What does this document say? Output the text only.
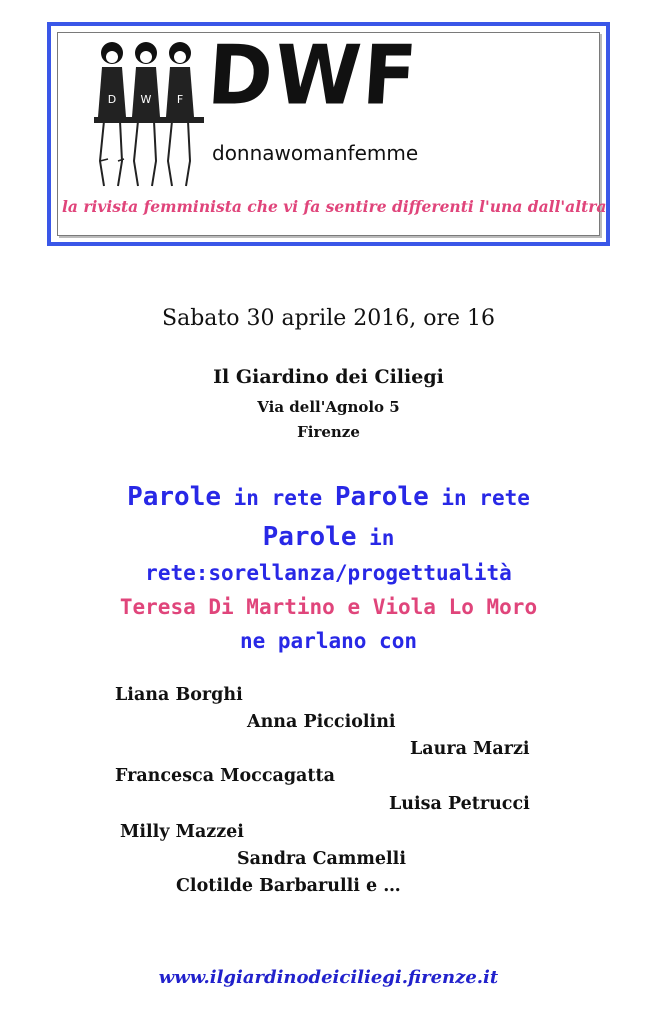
D W F DWF
donnawomanfemme
la rivista femminista che vi fa sentire differenti l'una dall'altra
Sabato 30 aprile 2016, ore 16
Il Giardino dei Ciliegi
Via dell'Agnolo 5
Firenze
Parole in rete Parole in rete
Parole in
rete:sorellanza/progettualità
Teresa Di Martino e Viola Lo Moro
ne parlano con
Liana Borghi
Anna Picciolini
Laura Marzi
Francesca Moccagatta
Luisa Petrucci
Milly Mazzei
Sandra Cammelli
Clotilde Barbarulli e …
www.ilgiardinodeiciliegi.firenze.it
